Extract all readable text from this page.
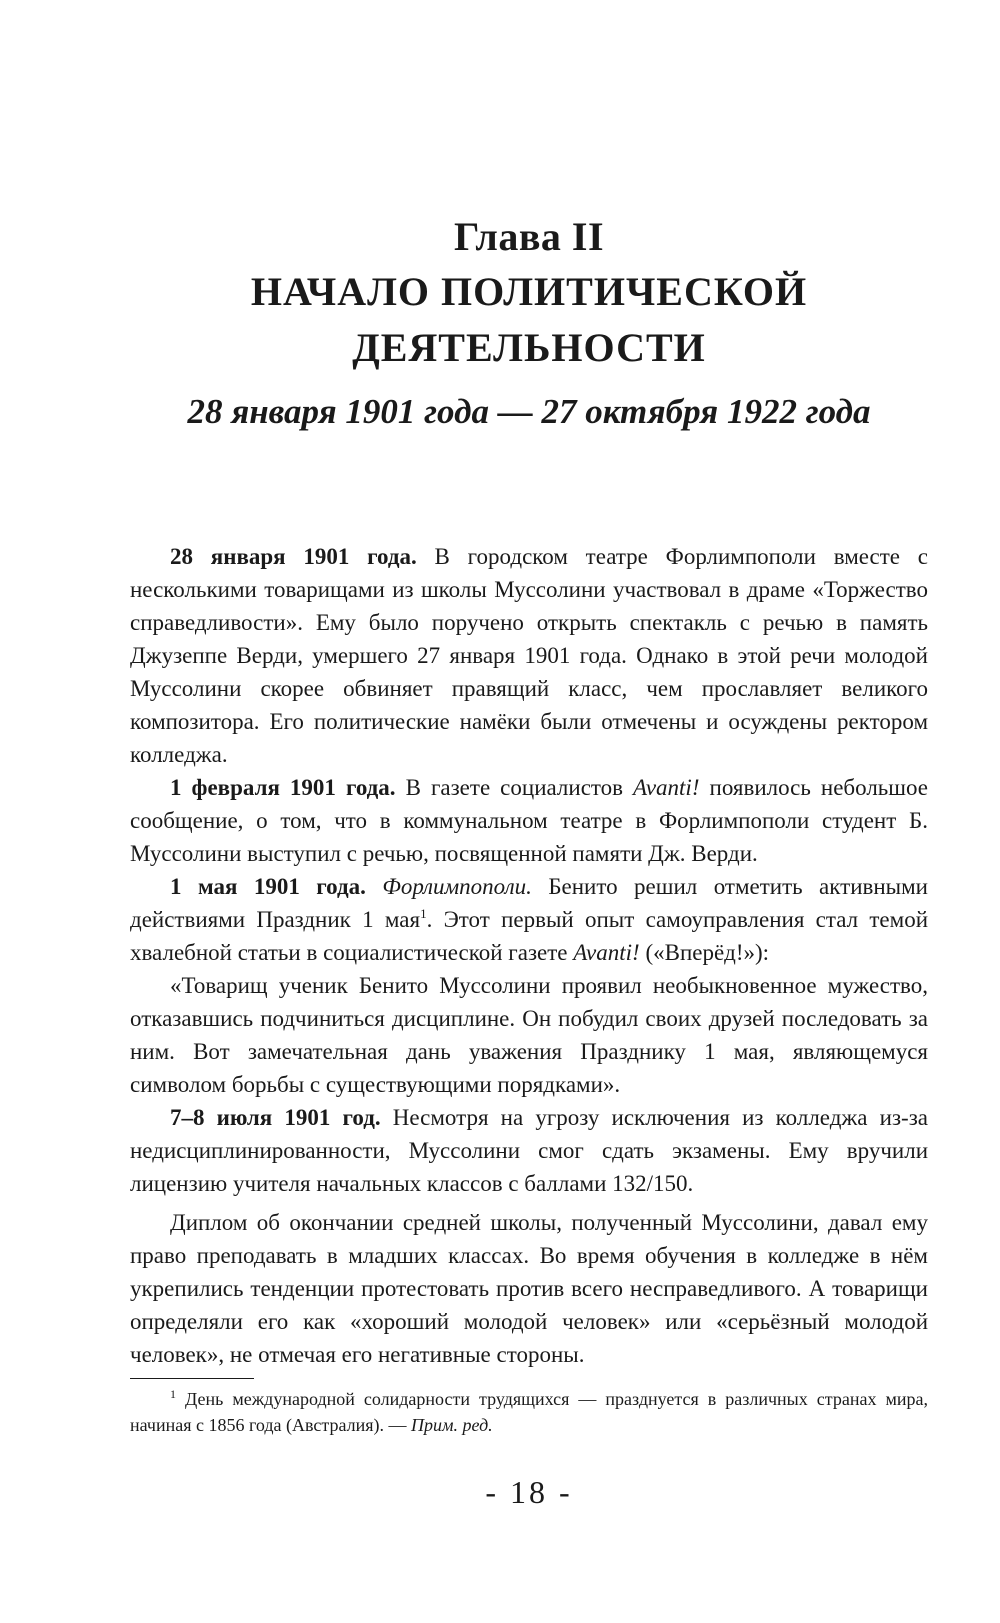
Глава II
НАЧАЛО ПОЛИТИЧЕСКОЙ ДЕЯТЕЛЬНОСТИ
28 января 1901 года — 27 октября 1922 года

28 января 1901 года. В городском театре Форлимпополи вместе с несколькими товарищами из школы Муссолини участвовал в драме «Торжество справедливости». Ему было поручено открыть спектакль с речью в память Джузеппе Верди, умершего 27 января 1901 года. Однако в этой речи молодой Муссолини скорее обвиняет правящий класс, чем прославляет великого композитора. Его политические намёки были отмечены и осуждены ректором колледжа.

1 февраля 1901 года. В газете социалистов Avanti! появилось небольшое сообщение, о том, что в коммунальном театре в Форлимпополи студент Б. Муссолини выступил с речью, посвященной памяти Дж. Верди.

1 мая 1901 года. Форлимпополи. Бенито решил отметить активными действиями Праздник 1 мая$^1$. Этот первый опыт самоуправления стал темой хвалебной статьи в социалистической газете Avanti! («Вперёд!»):

«Товарищ ученик Бенито Муссолини проявил необыкновенное мужество, отказавшись подчиниться дисциплине. Он побудил своих друзей последовать за ним. Вот замечательная дань уважения Празднику 1 мая, являющемуся символом борьбы с существующими порядками».

7–8 июля 1901 год. Несмотря на угрозу исключения из колледжа из-за недисциплинированности, Муссолини смог сдать экзамены. Ему вручили лицензию учителя начальных классов с баллами 132/150.

Диплом об окончании средней школы, полученный Муссолини, давал ему право преподавать в младших классах. Во время обучения в колледже в нём укрепились тенденции протестовать против всего несправедливого. А товарищи определяли его как «хороший молодой человек» или «серьёзный молодой человек», не отмечая его негативные стороны.

$^1$ День международной солидарности трудящихся — празднуется в различных странах мира, начиная с 1856 года (Австралия). — Прим. ред.
- 18 -
